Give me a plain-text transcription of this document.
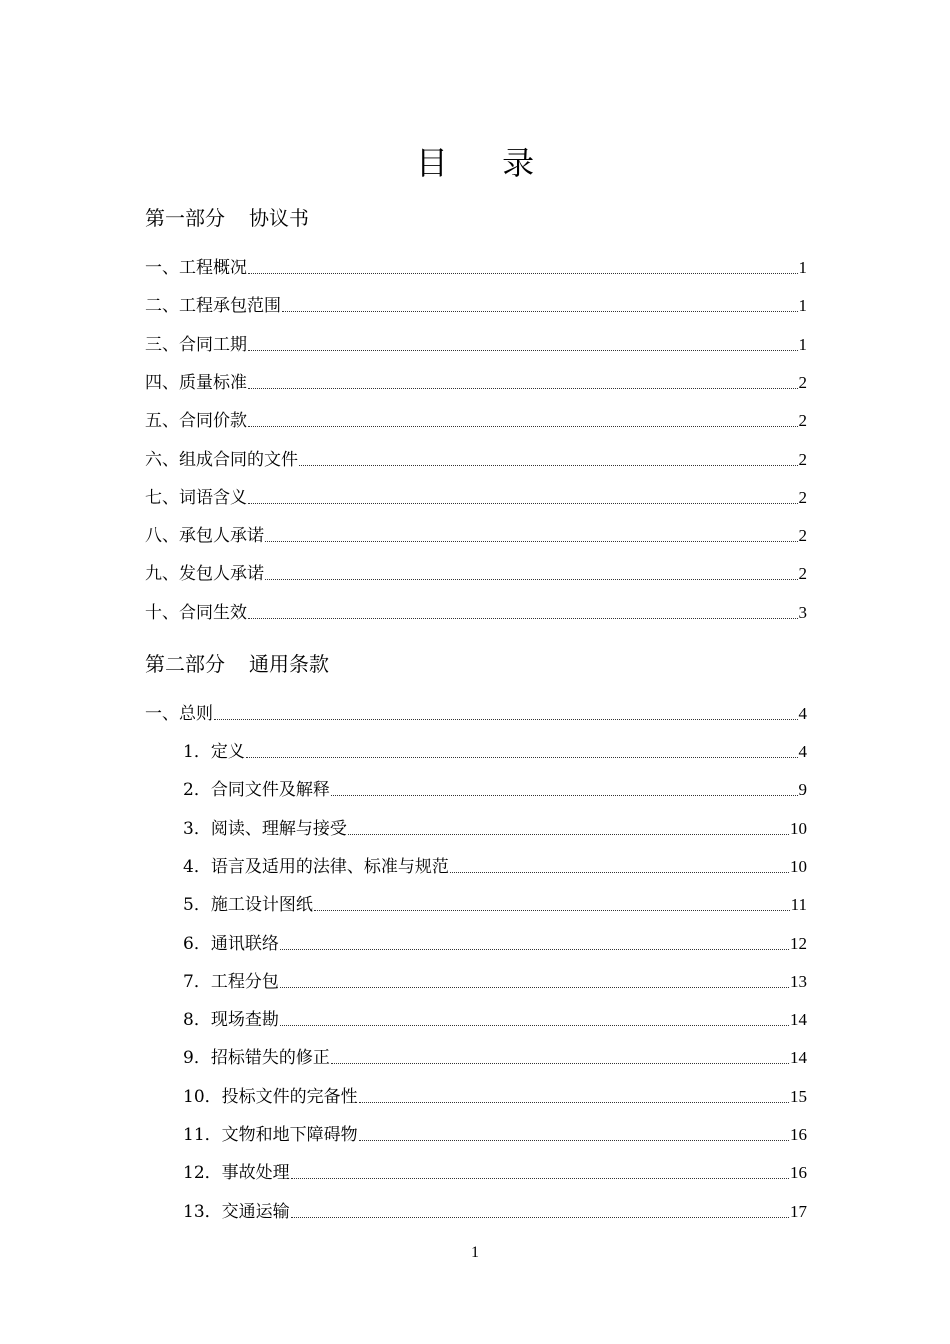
目 录
第一部分 协议书
一、工程概况	1
二、工程承包范围	1
三、合同工期	1
四、质量标准	2
五、合同价款	2
六、组成合同的文件	2
七、词语含义	2
八、承包人承诺	2
九、发包人承诺	2
十、合同生效	3
第二部分 通用条款
一、总则	4
1．定义	4
2．合同文件及解释	9
3．阅读、理解与接受	10
4．语言及适用的法律、标准与规范	10
5．施工设计图纸	11
6．通讯联络	12
7．工程分包	13
8．现场查勘	14
9．招标错失的修正	14
10．投标文件的完备性	15
11．文物和地下障碍物	16
12．事故处理	16
13．交通运输	17
1
